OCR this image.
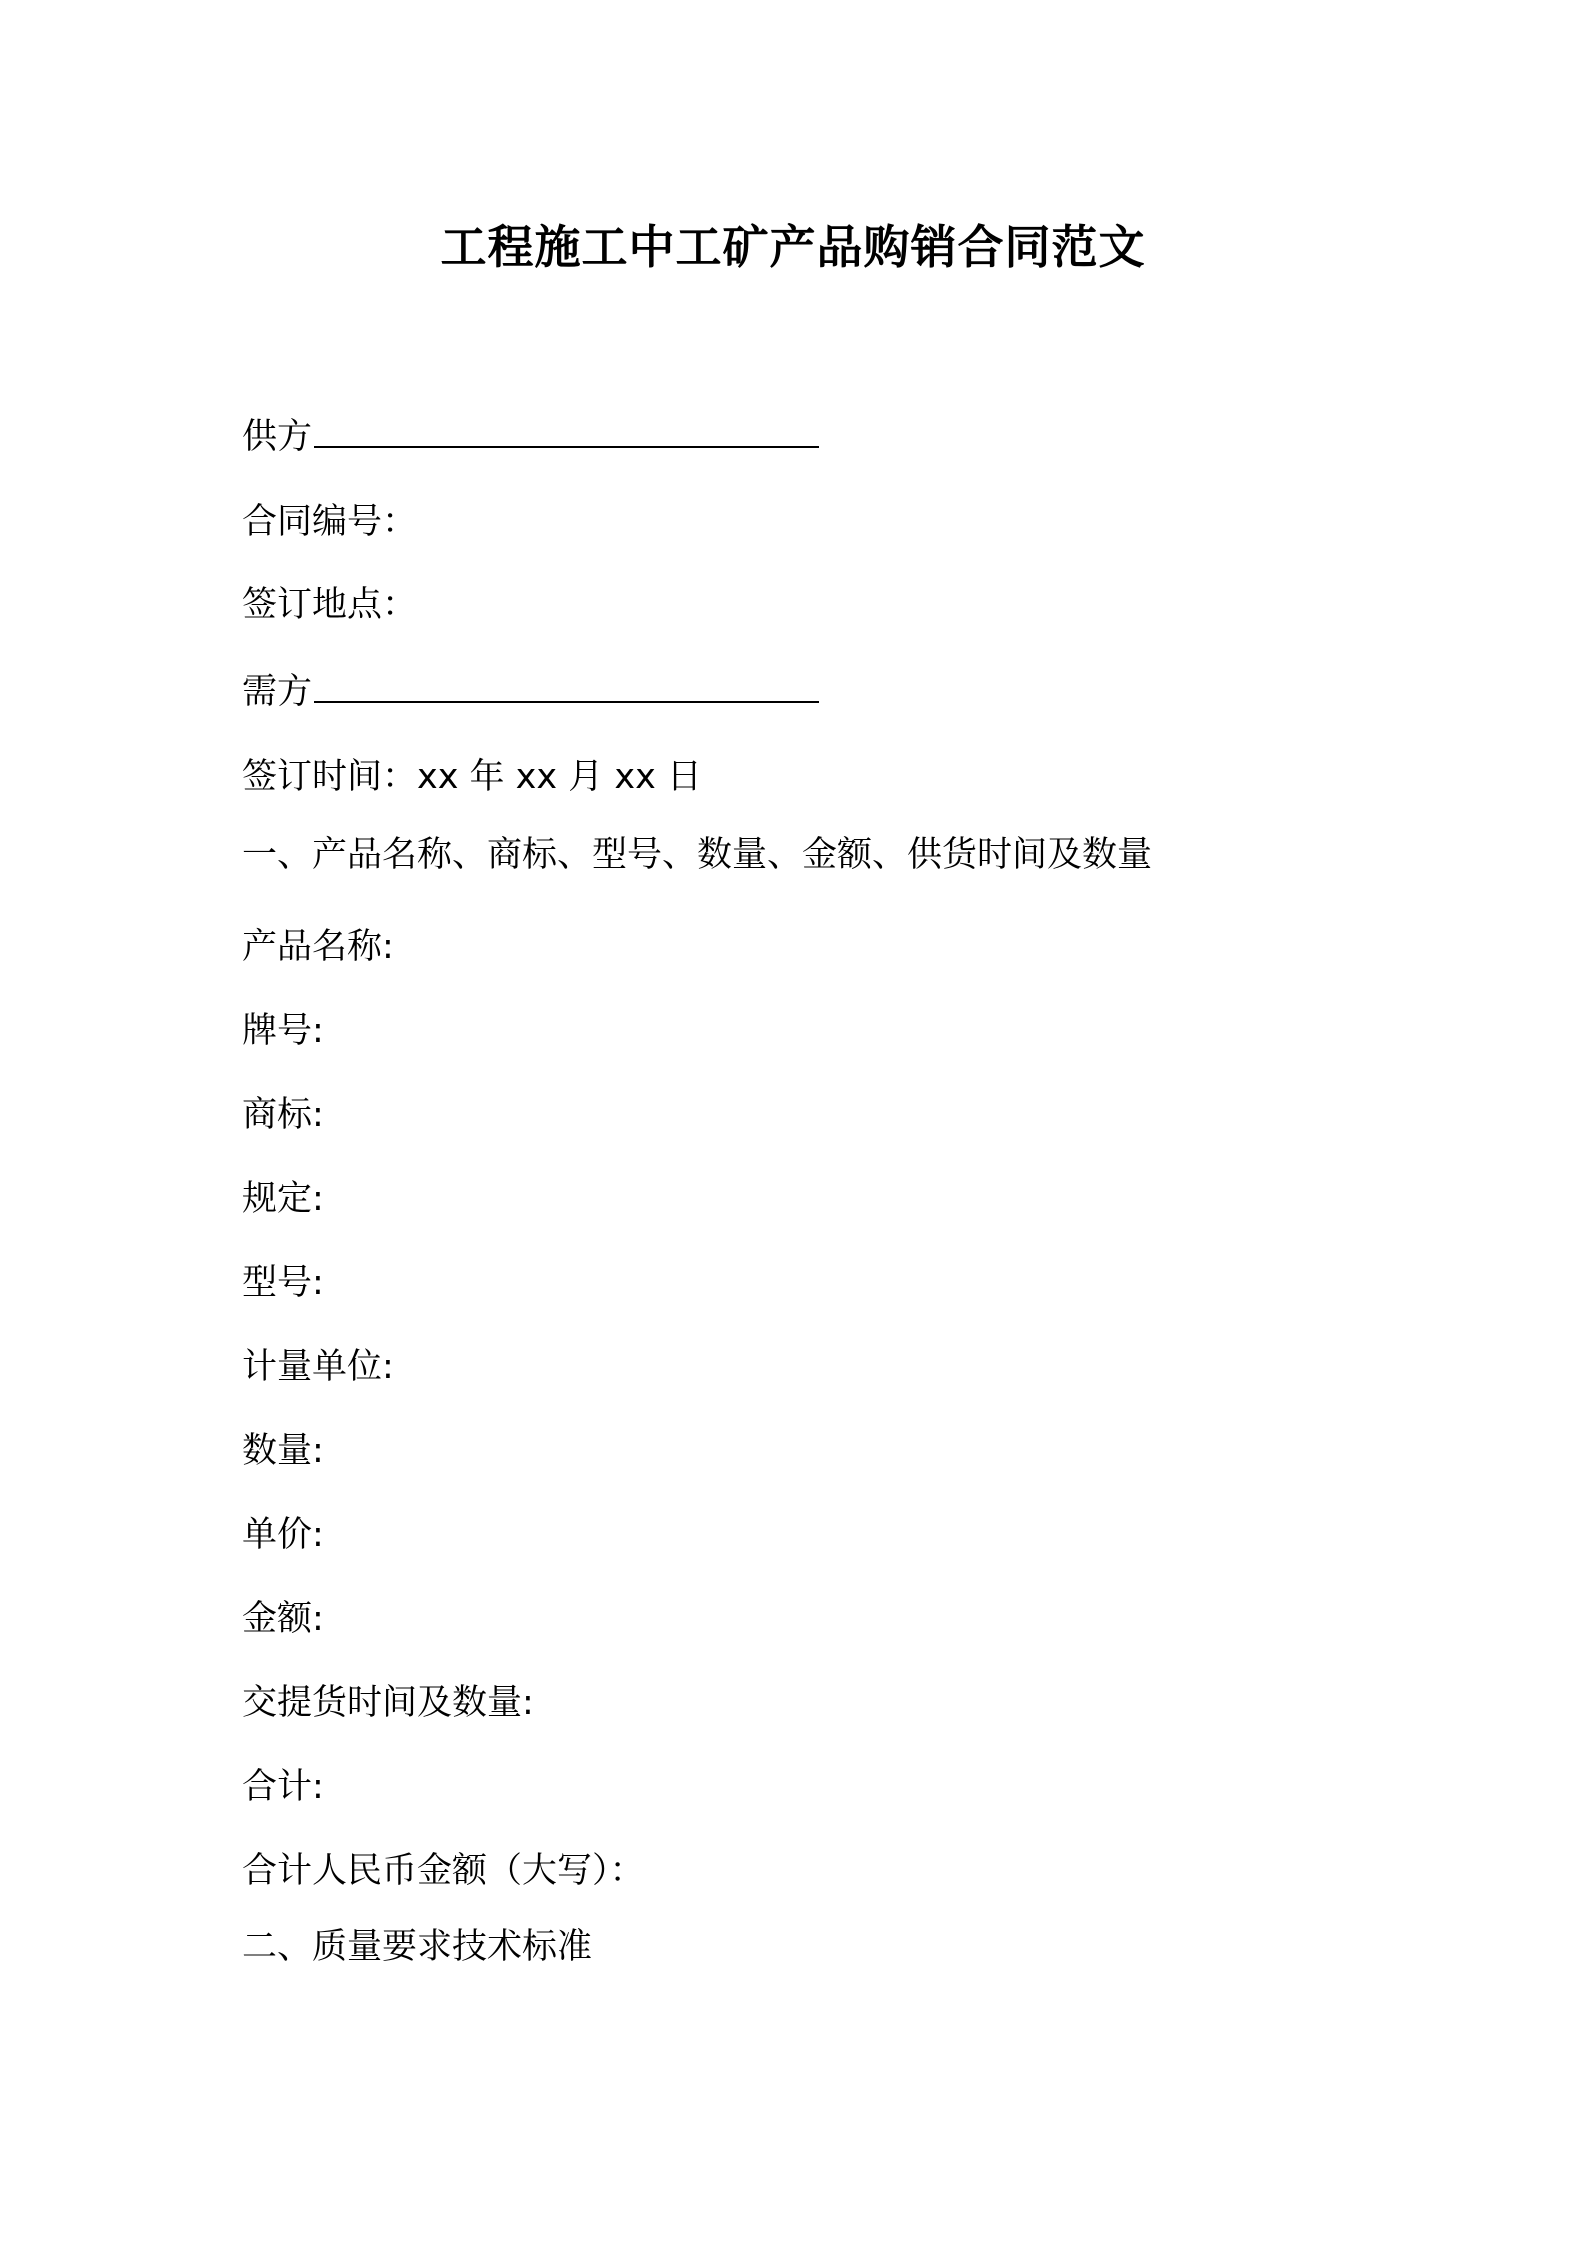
工程施工中工矿产品购销合同范文
供方
合同编号：
签订地点：
需方
签订时间：xx 年 xx 月 xx 日
一、产品名称、商标、型号、数量、金额、供货时间及数量
产品名称:
牌号:
商标:
规定:
型号:
计量单位:
数量:
单价:
金额:
交提货时间及数量:
合计:
合计人民币金额（大写）：
二、质量要求技术标准
